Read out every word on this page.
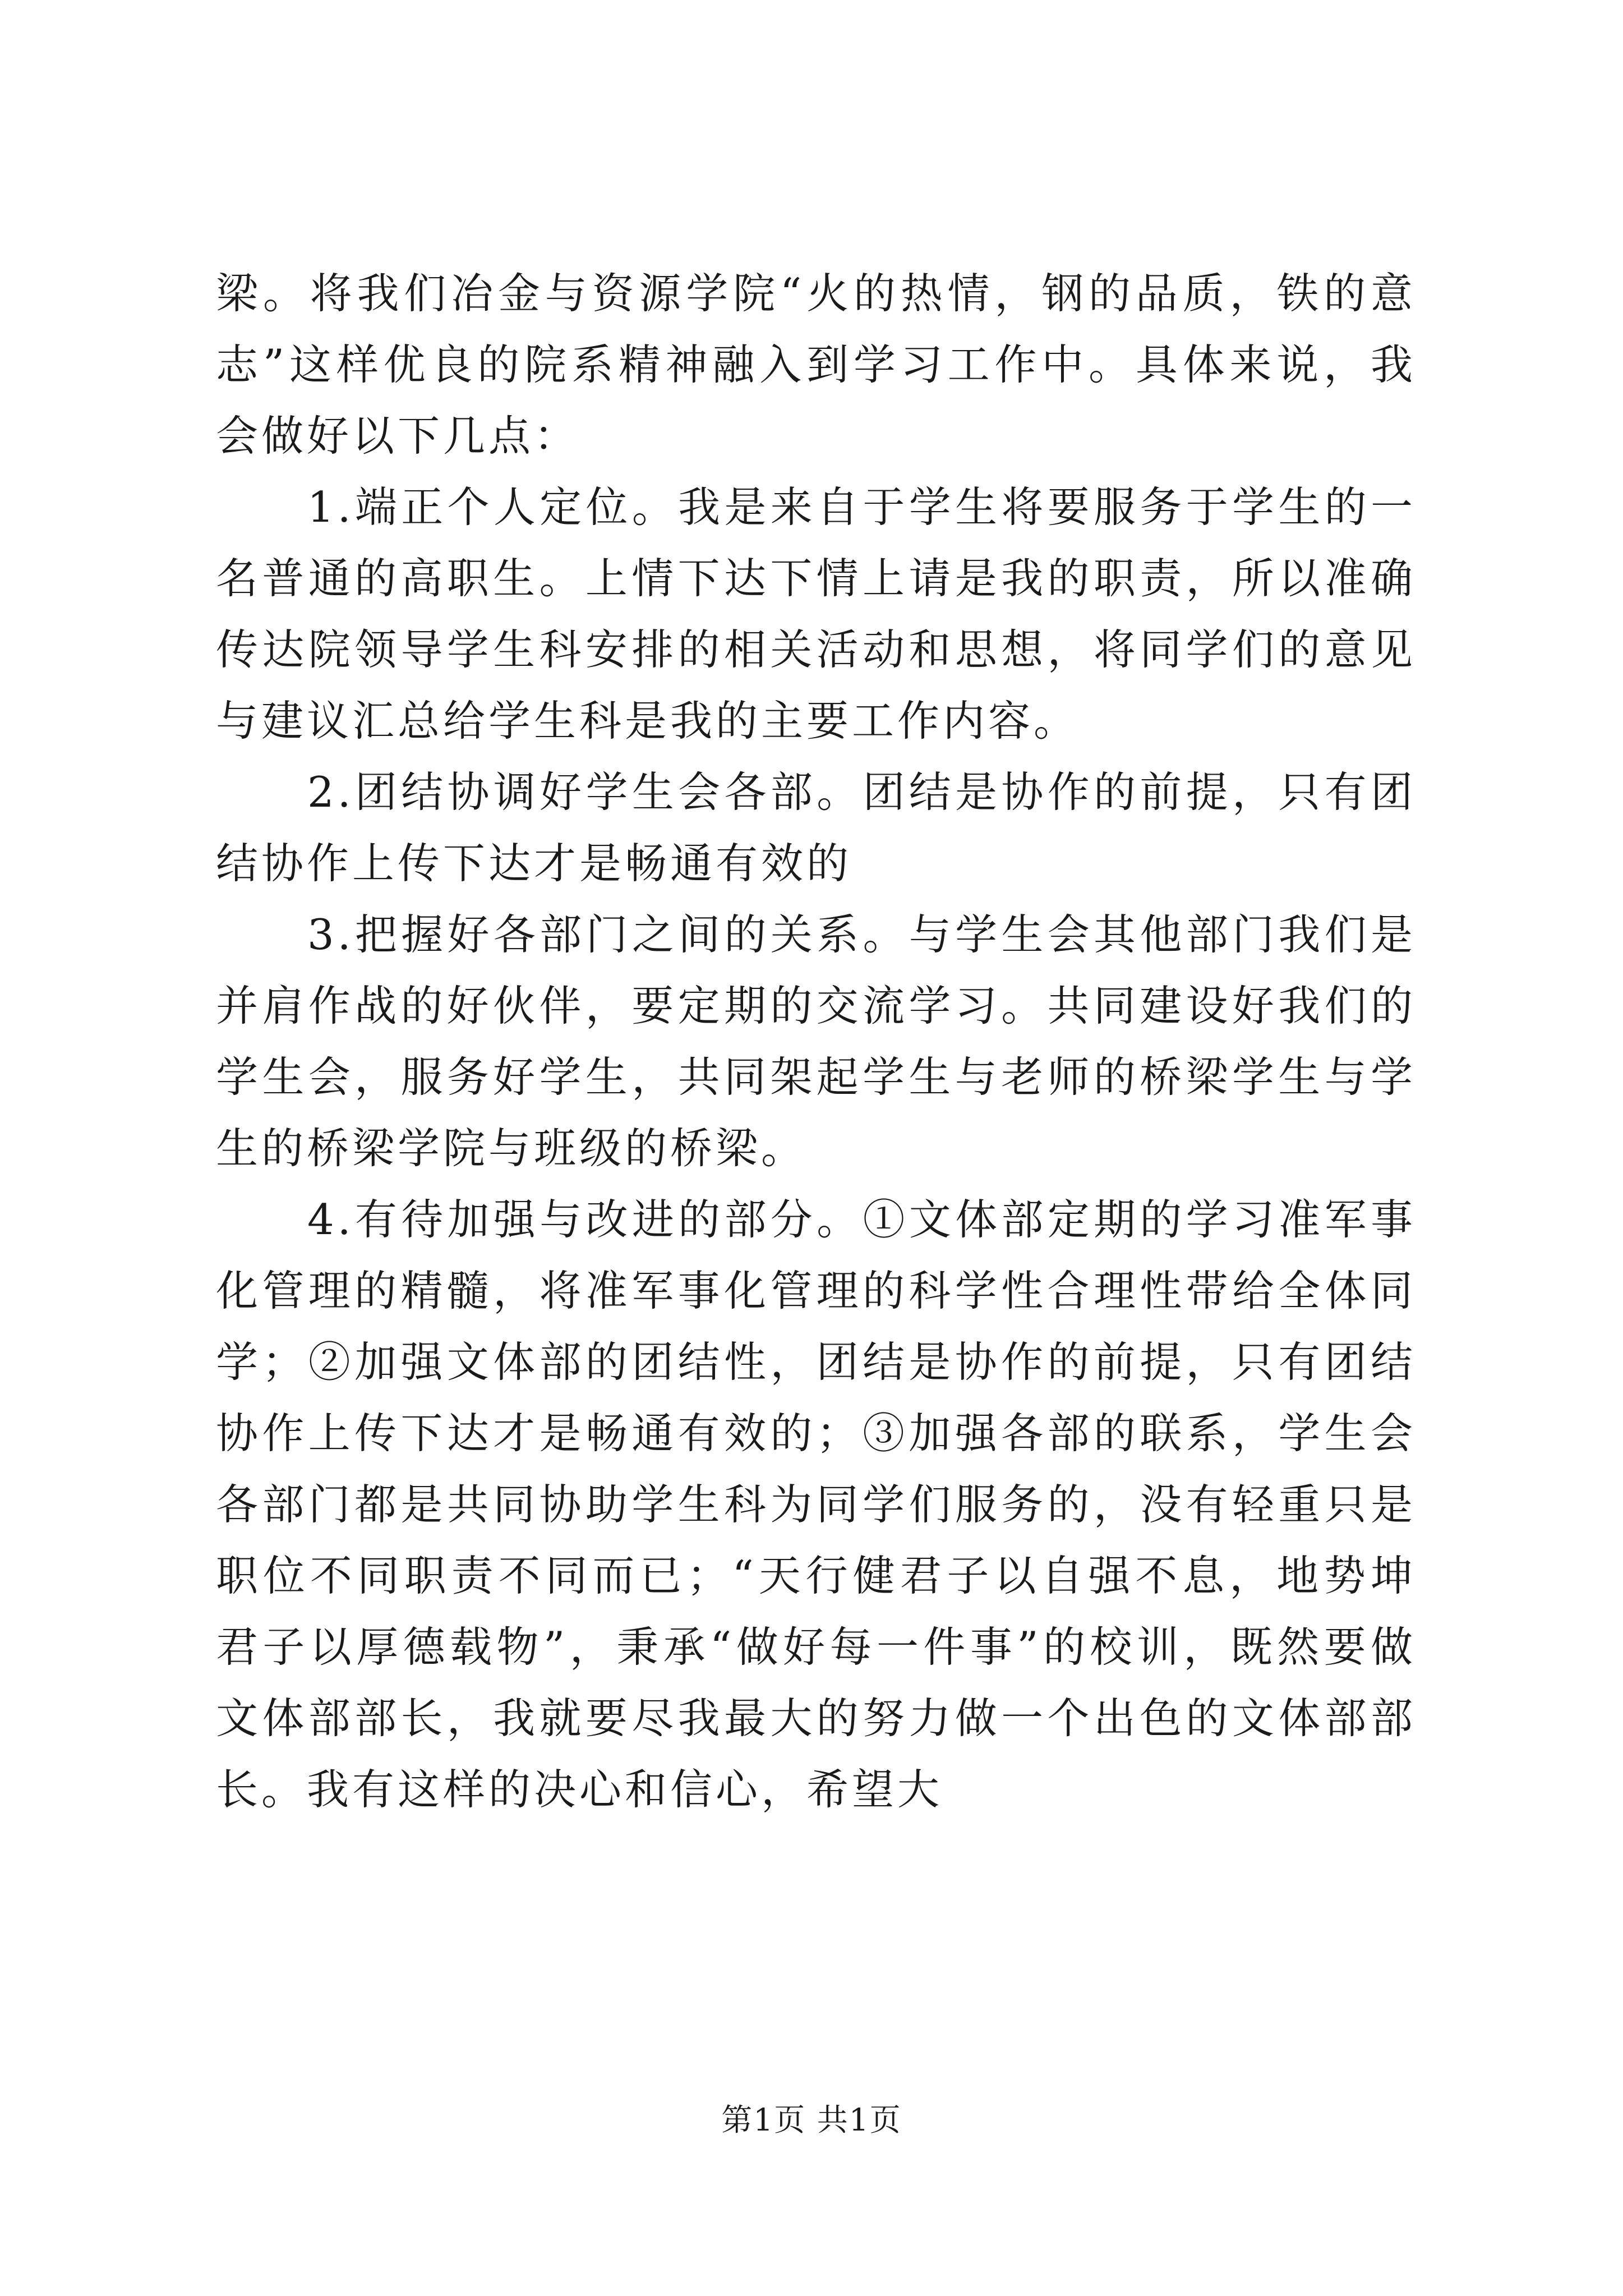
梁。将我们冶金与资源学院“火的热情，钢的品质，铁的意志”这样优良的院系精神融入到学习工作中。具体来说，我会做好以下几点：

1.端正个人定位。我是来自于学生将要服务于学生的一名普通的高职生。上情下达下情上请是我的职责，所以准确传达院领导学生科安排的相关活动和思想，将同学们的意见与建议汇总给学生科是我的主要工作内容。

2.团结协调好学生会各部。团结是协作的前提，只有团结协作上传下达才是畅通有效的

3.把握好各部门之间的关系。与学生会其他部门我们是并肩作战的好伙伴，要定期的交流学习。共同建设好我们的学生会，服务好学生，共同架起学生与老师的桥梁学生与学生的桥梁学院与班级的桥梁。

4.有待加强与改进的部分。①文体部定期的学习准军事化管理的精髓，将准军事化管理的科学性合理性带给全体同学；②加强文体部的团结性，团结是协作的前提，只有团结协作上传下达才是畅通有效的；③加强各部的联系，学生会各部门都是共同协助学生科为同学们服务的，没有轻重只是职位不同职责不同而已；“天行健君子以自强不息，地势坤君子以厚德载物”，秉承“做好每一件事”的校训，既然要做文体部部长，我就要尽我最大的努力做一个出色的文体部部长。我有这样的决心和信心，希望大

第1页 共1页
